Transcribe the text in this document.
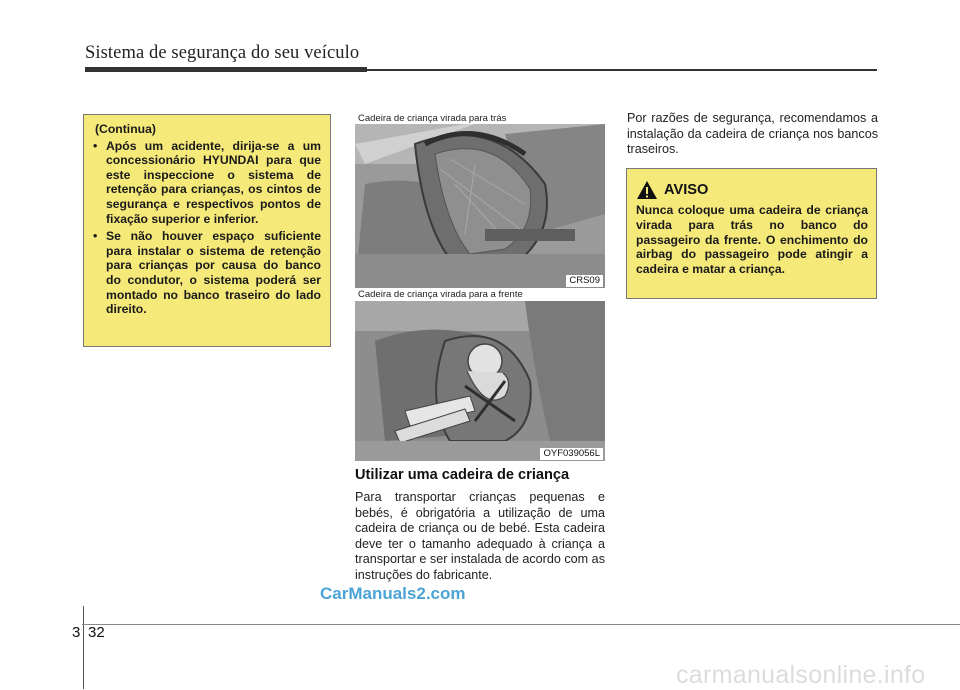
Sistema de segurança do seu veículo
(Continua)
• Após um acidente, dirija-se a um concessionário HYUNDAI para que este inspeccione o sistema de retenção para crianças, os cintos de segurança e respectivos pontos de fixação superior e inferior.
• Se não houver espaço suficiente para instalar o sistema de retenção para crianças por causa do banco do condutor, o sistema poderá ser montado no banco traseiro do lado direito.
Cadeira de criança virada para trás
CRS09
Cadeira de criança virada para a frente
OYF039056L
Utilizar uma cadeira de criança
Para transportar crianças pequenas e bebés, é obrigatória a utilização de uma cadeira de criança ou de bebé. Esta cadeira deve ter o tamanho adequado à criança a transportar e ser instalada de acordo com as instruções do fabricante.
Por razões de segurança, recomendamos a instalação da cadeira de criança nos bancos traseiros.
AVISO
Nunca coloque uma cadeira de criança virada para trás no banco do passageiro da frente. O enchimento do airbag do passageiro pode atingir a cadeira e matar a criança.
CarManuals2.com
3 32
carmanualsonline.info
